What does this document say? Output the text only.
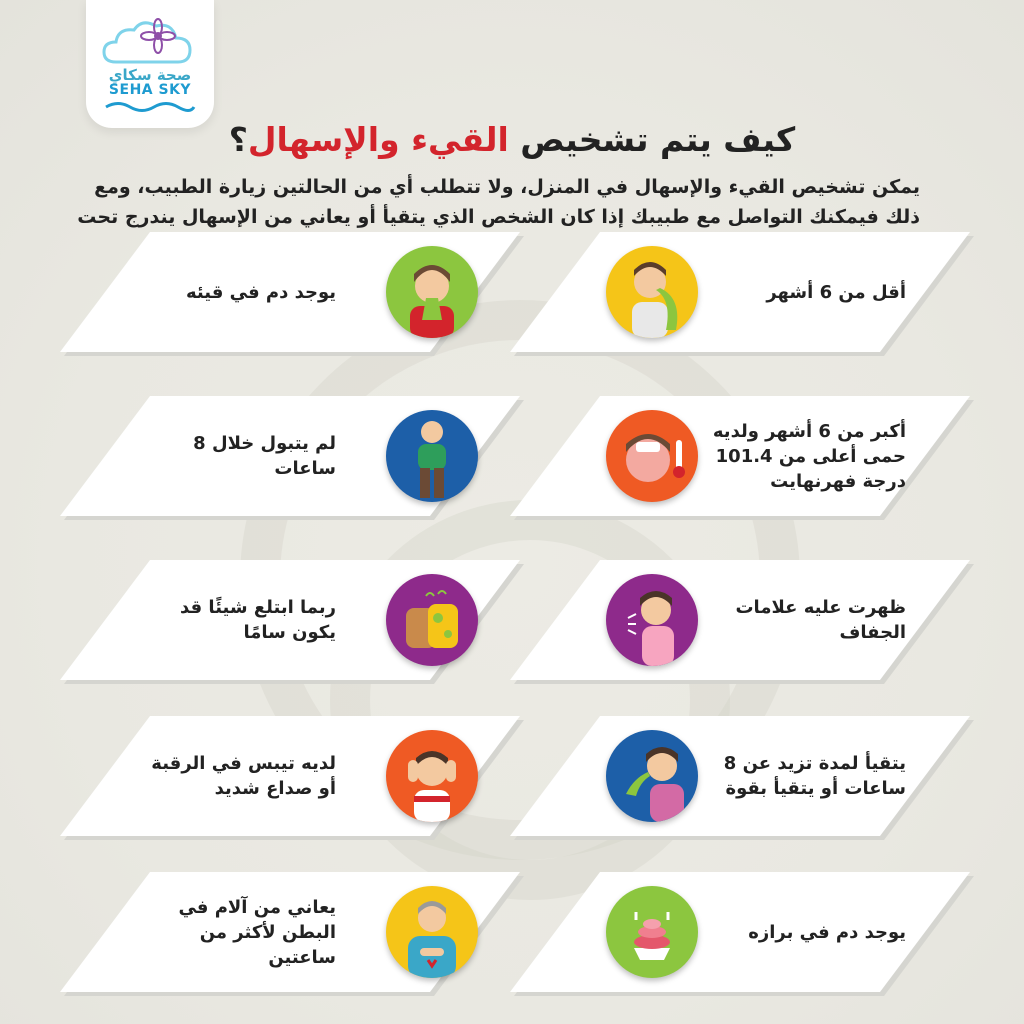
صحة سكاي
SEHA SKY
كيف يتم تشخيص القيء والإسهال؟
يمكن تشخيص القيء والإسهال في المنزل، ولا تتطلب أي من الحالتين زيارة الطبيب، ومع ذلك فيمكنك التواصل مع طبيبك إذا كان الشخص الذي يتقيأ أو يعاني من الإسهال يندرج تحت
أقل من 6 أشهر
يوجد دم في قيئه
أكبر من 6 أشهر ولديه
حمى أعلى من 101.4
درجة فهرنهايت
لم يتبول خلال 8 ساعات
ظهرت عليه علامات
الجفاف
ربما ابتلع شيئًا قد
يكون سامًا
يتقيأ لمدة تزيد عن 8
ساعات أو يتقيأ بقوة
لديه تيبس في الرقبة
أو صداع شديد
يوجد دم في برازه
يعاني من آلام في
البطن لأكثر من ساعتين
